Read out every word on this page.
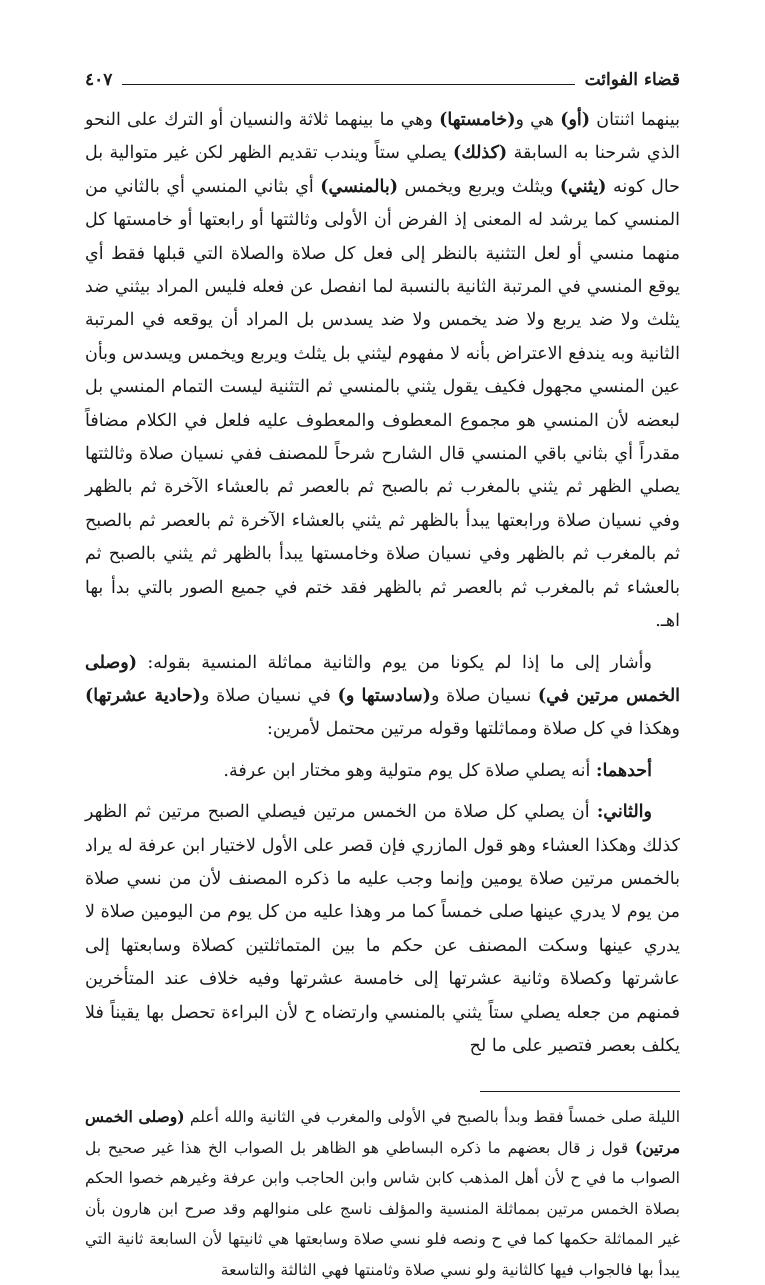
قضاء الفوائت
٤٠٧

بينهما اثنتان (أو) هي و(خامستها) وهي ما بينهما ثلاثة والنسيان أو الترك على النحو الذي شرحنا به السابقة (كذلك) يصلي ستاً ويندب تقديم الظهر لكن غير متوالية بل حال كونه (يثني) ويثلث ويربع ويخمس (بالمنسي) أي بثاني المنسي أي بالثاني من المنسي كما يرشد له المعنى إذ الفرض أن الأولى وثالثتها أو رابعتها أو خامستها كل منهما منسي أو لعل التثنية بالنظر إلى فعل كل صلاة والصلاة التي قبلها فقط أي يوقع المنسي في المرتبة الثانية بالنسبة لما انفصل عن فعله فليس المراد بيثني ضد يثلث ولا ضد يربع ولا ضد يخمس ولا ضد يسدس بل المراد أن يوقعه في المرتبة الثانية وبه يندفع الاعتراض بأنه لا مفهوم ليثني بل يثلث ويربع ويخمس ويسدس وبأن عين المنسي مجهول فكيف يقول يثني بالمنسي ثم التثنية ليست التمام المنسي بل لبعضه لأن المنسي هو مجموع المعطوف والمعطوف عليه فلعل في الكلام مضافاً مقدراً أي بثاني باقي المنسي قال الشارح شرحاً للمصنف ففي نسيان صلاة وثالثتها يصلي الظهر ثم يثني بالمغرب ثم بالصبح ثم بالعصر ثم بالعشاء الآخرة ثم بالظهر وفي نسيان صلاة ورابعتها يبدأ بالظهر ثم يثني بالعشاء الآخرة ثم بالعصر ثم بالصبح ثم بالمغرب ثم بالظهر وفي نسيان صلاة وخامستها يبدأ بالظهر ثم يثني بالصبح ثم بالعشاء ثم بالمغرب ثم بالعصر ثم بالظهر فقد ختم في جميع الصور بالتي بدأ بها اهـ.

وأشار إلى ما إذا لم يكونا من يوم والثانية مماثلة المنسية بقوله: (وصلى الخمس مرتين في) نسيان صلاة و(سادستها و) في نسيان صلاة و(حادية عشرتها) وهكذا في كل صلاة ومماثلتها وقوله مرتين محتمل لأمرين:

أحدهما: أنه يصلي صلاة كل يوم متولية وهو مختار ابن عرفة.

والثاني: أن يصلي كل صلاة من الخمس مرتين فيصلي الصبح مرتين ثم الظهر كذلك وهكذا العشاء وهو قول المازري فإن قصر على الأول لاختيار ابن عرفة له يراد بالخمس مرتين صلاة يومين وإنما وجب عليه ما ذكره المصنف لأن من نسي صلاة من يوم لا يدري عينها صلى خمساً كما مر وهذا عليه من كل يوم من اليومين صلاة لا يدري عينها وسكت المصنف عن حكم ما بين المتماثلتين كصلاة وسابعتها إلى عاشرتها وكصلاة وثانية عشرتها إلى خامسة عشرتها وفيه خلاف عند المتأخرين فمنهم من جعله يصلي ستاً يثني بالمنسي وارتضاه ح لأن البراءة تحصل بها يقيناً فلا يكلف بعصر فتصير على ما لح

الليلة صلى خمساً فقط وبدأ بالصبح في الأولى والمغرب في الثانية والله أعلم (وصلى الخمس مرتين) قول ز قال بعضهم ما ذكره البساطي هو الظاهر بل الصواب الخ هذا غير صحيح بل الصواب ما في ح لأن أهل المذهب كابن شاس وابن الحاجب وابن عرفة وغيرهم خصوا الحكم بصلاة الخمس مرتين بمماثلة المنسية والمؤلف ناسج على منوالهم وقد صرح ابن هارون بأن غير المماثلة حكمها كما في ح ونصه فلو نسي صلاة وسابعتها هي ثانيتها لأن السابعة ثانية التي يبدأ بها فالجواب فيها كالثانية ولو نسي صلاة وثامنتها فهي الثالثة والتاسعة
